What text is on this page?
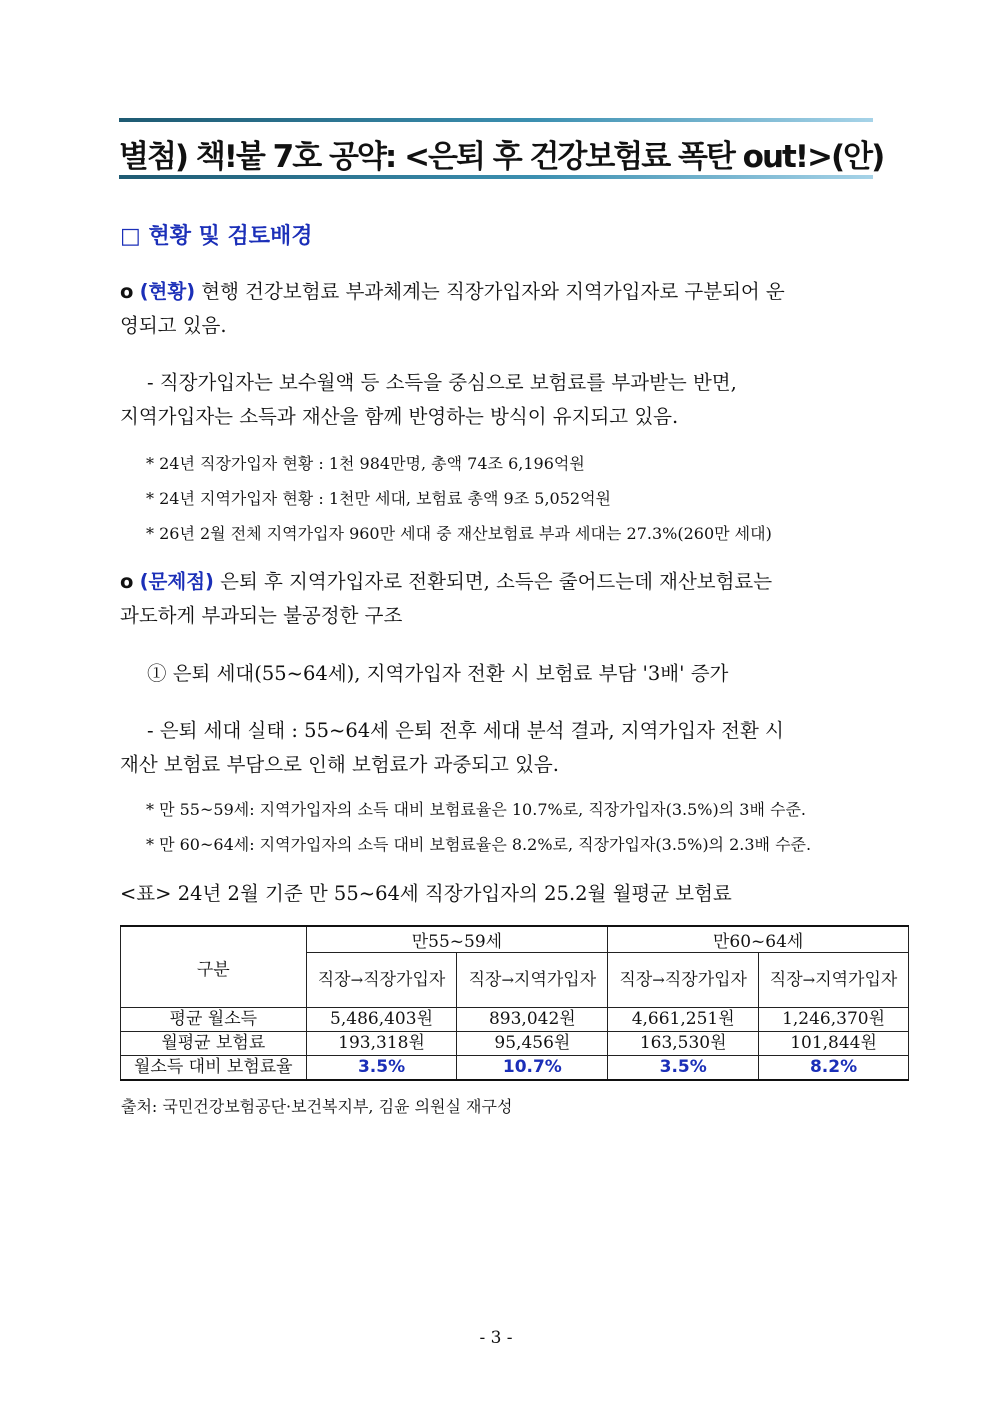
별첨) 책!붙 7호 공약: <은퇴 후 건강보험료 폭탄 out!>(안)
□ 현황 및 검토배경
o (현황) 현행 건강보험료 부과체계는 직장가입자와 지역가입자로 구분되어 운
영되고 있음.
- 직장가입자는 보수월액 등 소득을 중심으로 보험료를 부과받는 반면,
지역가입자는 소득과 재산을 함께 반영하는 방식이 유지되고 있음.
* 24년 직장가입자 현황 : 1천 984만명, 총액 74조 6,196억원
* 24년 지역가입자 현황 : 1천만 세대, 보험료 총액 9조 5,052억원
* 26년 2월 전체 지역가입자 960만 세대 중 재산보험료 부과 세대는 27.3%(260만 세대)
o (문제점) 은퇴 후 지역가입자로 전환되면, 소득은 줄어드는데 재산보험료는
과도하게 부과되는 불공정한 구조
① 은퇴 세대(55~64세), 지역가입자 전환 시 보험료 부담 '3배' 증가
- 은퇴 세대 실태 : 55~64세 은퇴 전후 세대 분석 결과, 지역가입자 전환 시
재산 보험료 부담으로 인해 보험료가 과중되고 있음.
* 만 55~59세: 지역가입자의 소득 대비 보험료율은 10.7%로, 직장가입자(3.5%)의 3배 수준.
* 만 60~64세: 지역가입자의 소득 대비 보험료율은 8.2%로, 직장가입자(3.5%)의 2.3배 수준.
<표> 24년 2월 기준 만 55~64세 직장가입자의 25.2월 월평균 보험료
구분	만55~59세		만60~64세	
	직장→직장가입자	직장→지역가입자	직장→직장가입자	직장→지역가입자
평균 월소득	5,486,403원	893,042원	4,661,251원	1,246,370원
월평균 보험료	193,318원	95,456원	163,530원	101,844원
월소득 대비 보험료율	3.5%	10.7%	3.5%	8.2%
출처: 국민건강보험공단·보건복지부, 김윤 의원실 재구성
- 3 -
